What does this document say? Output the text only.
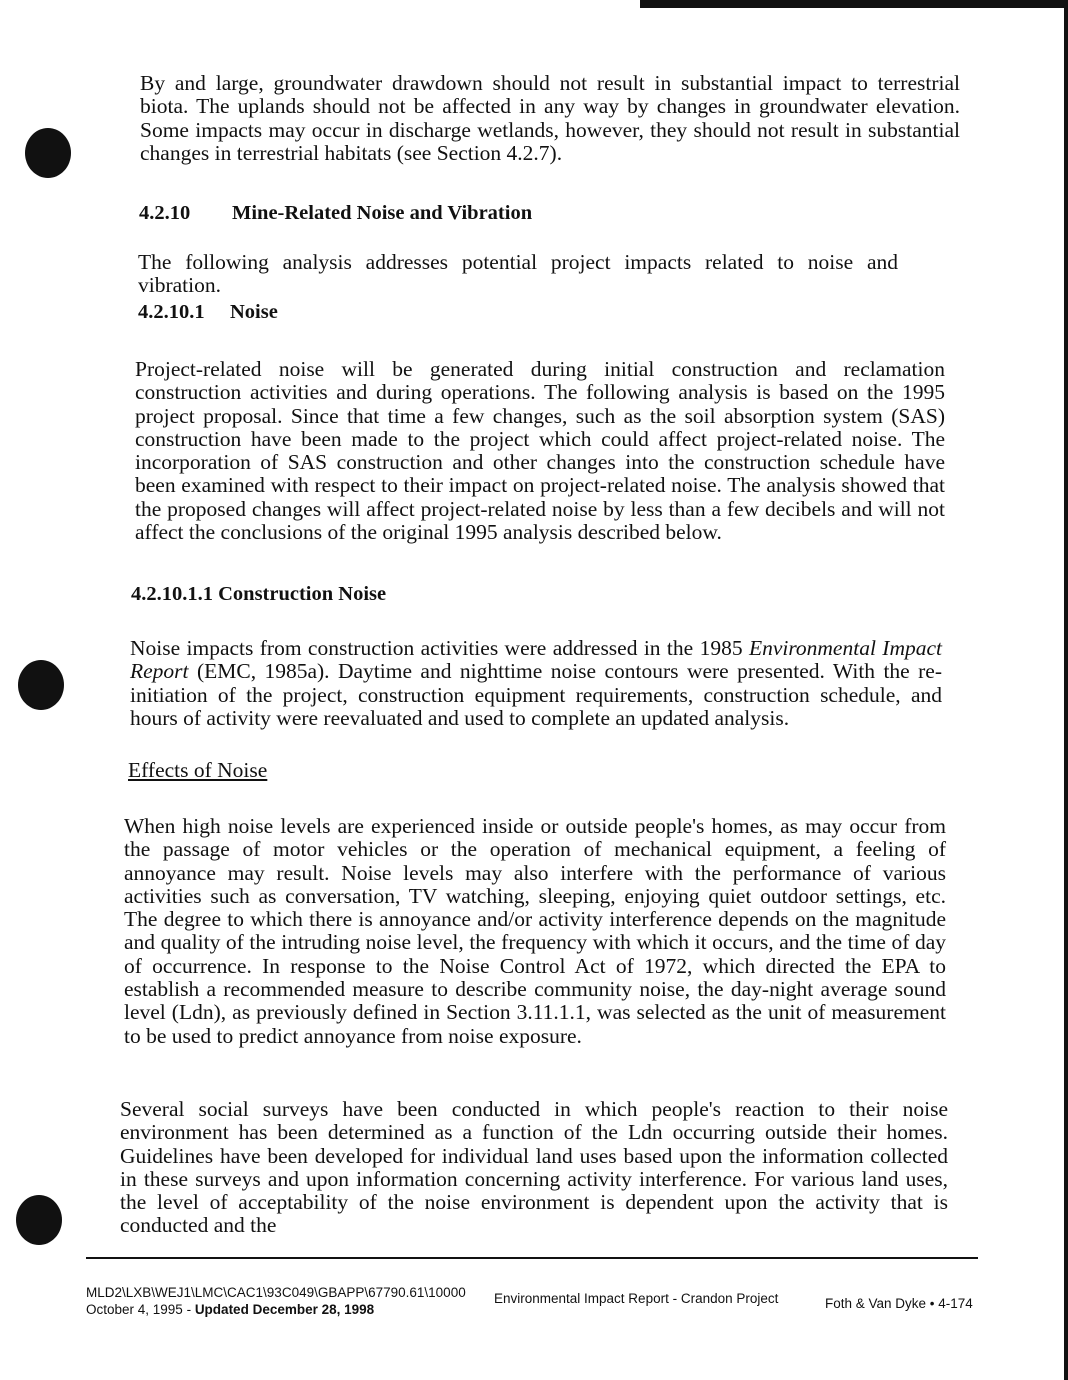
By and large, groundwater drawdown should not result in substantial impact to terrestrial biota. The uplands should not be affected in any way by changes in groundwater elevation. Some impacts may occur in discharge wetlands, however, they should not result in substantial changes in terrestrial habitats (see Section 4.2.7).

4.2.10 Mine-Related Noise and Vibration

The following analysis addresses potential project impacts related to noise and vibration.

4.2.10.1 Noise

Project-related noise will be generated during initial construction and reclamation construction activities and during operations. The following analysis is based on the 1995 project proposal. Since that time a few changes, such as the soil absorption system (SAS) construction have been made to the project which could affect project-related noise. The incorporation of SAS construction and other changes into the construction schedule have been examined with respect to their impact on project-related noise. The analysis showed that the proposed changes will affect project-related noise by less than a few decibels and will not affect the conclusions of the original 1995 analysis described below.

4.2.10.1.1 Construction Noise

Noise impacts from construction activities were addressed in the 1985 Environmental Impact Report (EMC, 1985a). Daytime and nighttime noise contours were presented. With the re-initiation of the project, construction equipment requirements, construction schedule, and hours of activity were reevaluated and used to complete an updated analysis.

Effects of Noise

When high noise levels are experienced inside or outside people's homes, as may occur from the passage of motor vehicles or the operation of mechanical equipment, a feeling of annoyance may result. Noise levels may also interfere with the performance of various activities such as conversation, TV watching, sleeping, enjoying quiet outdoor settings, etc. The degree to which there is annoyance and/or activity interference depends on the magnitude and quality of the intruding noise level, the frequency with which it occurs, and the time of day of occurrence. In response to the Noise Control Act of 1972, which directed the EPA to establish a recommended measure to describe community noise, the day-night average sound level (Ldn), as previously defined in Section 3.11.1.1, was selected as the unit of measurement to be used to predict annoyance from noise exposure.

Several social surveys have been conducted in which people's reaction to their noise environment has been determined as a function of the Ldn occurring outside their homes. Guidelines have been developed for individual land uses based upon the information collected in these surveys and upon information concerning activity interference. For various land uses, the level of acceptability of the noise environment is dependent upon the activity that is conducted and the

MLD2\LXB\WEJ1\LMC\CAC1\93C049\GBAPP\67790.61\10000
October 4, 1995 - Updated December 28, 1998
Environmental Impact Report - Crandon Project	Foth & Van Dyke • 4-174
